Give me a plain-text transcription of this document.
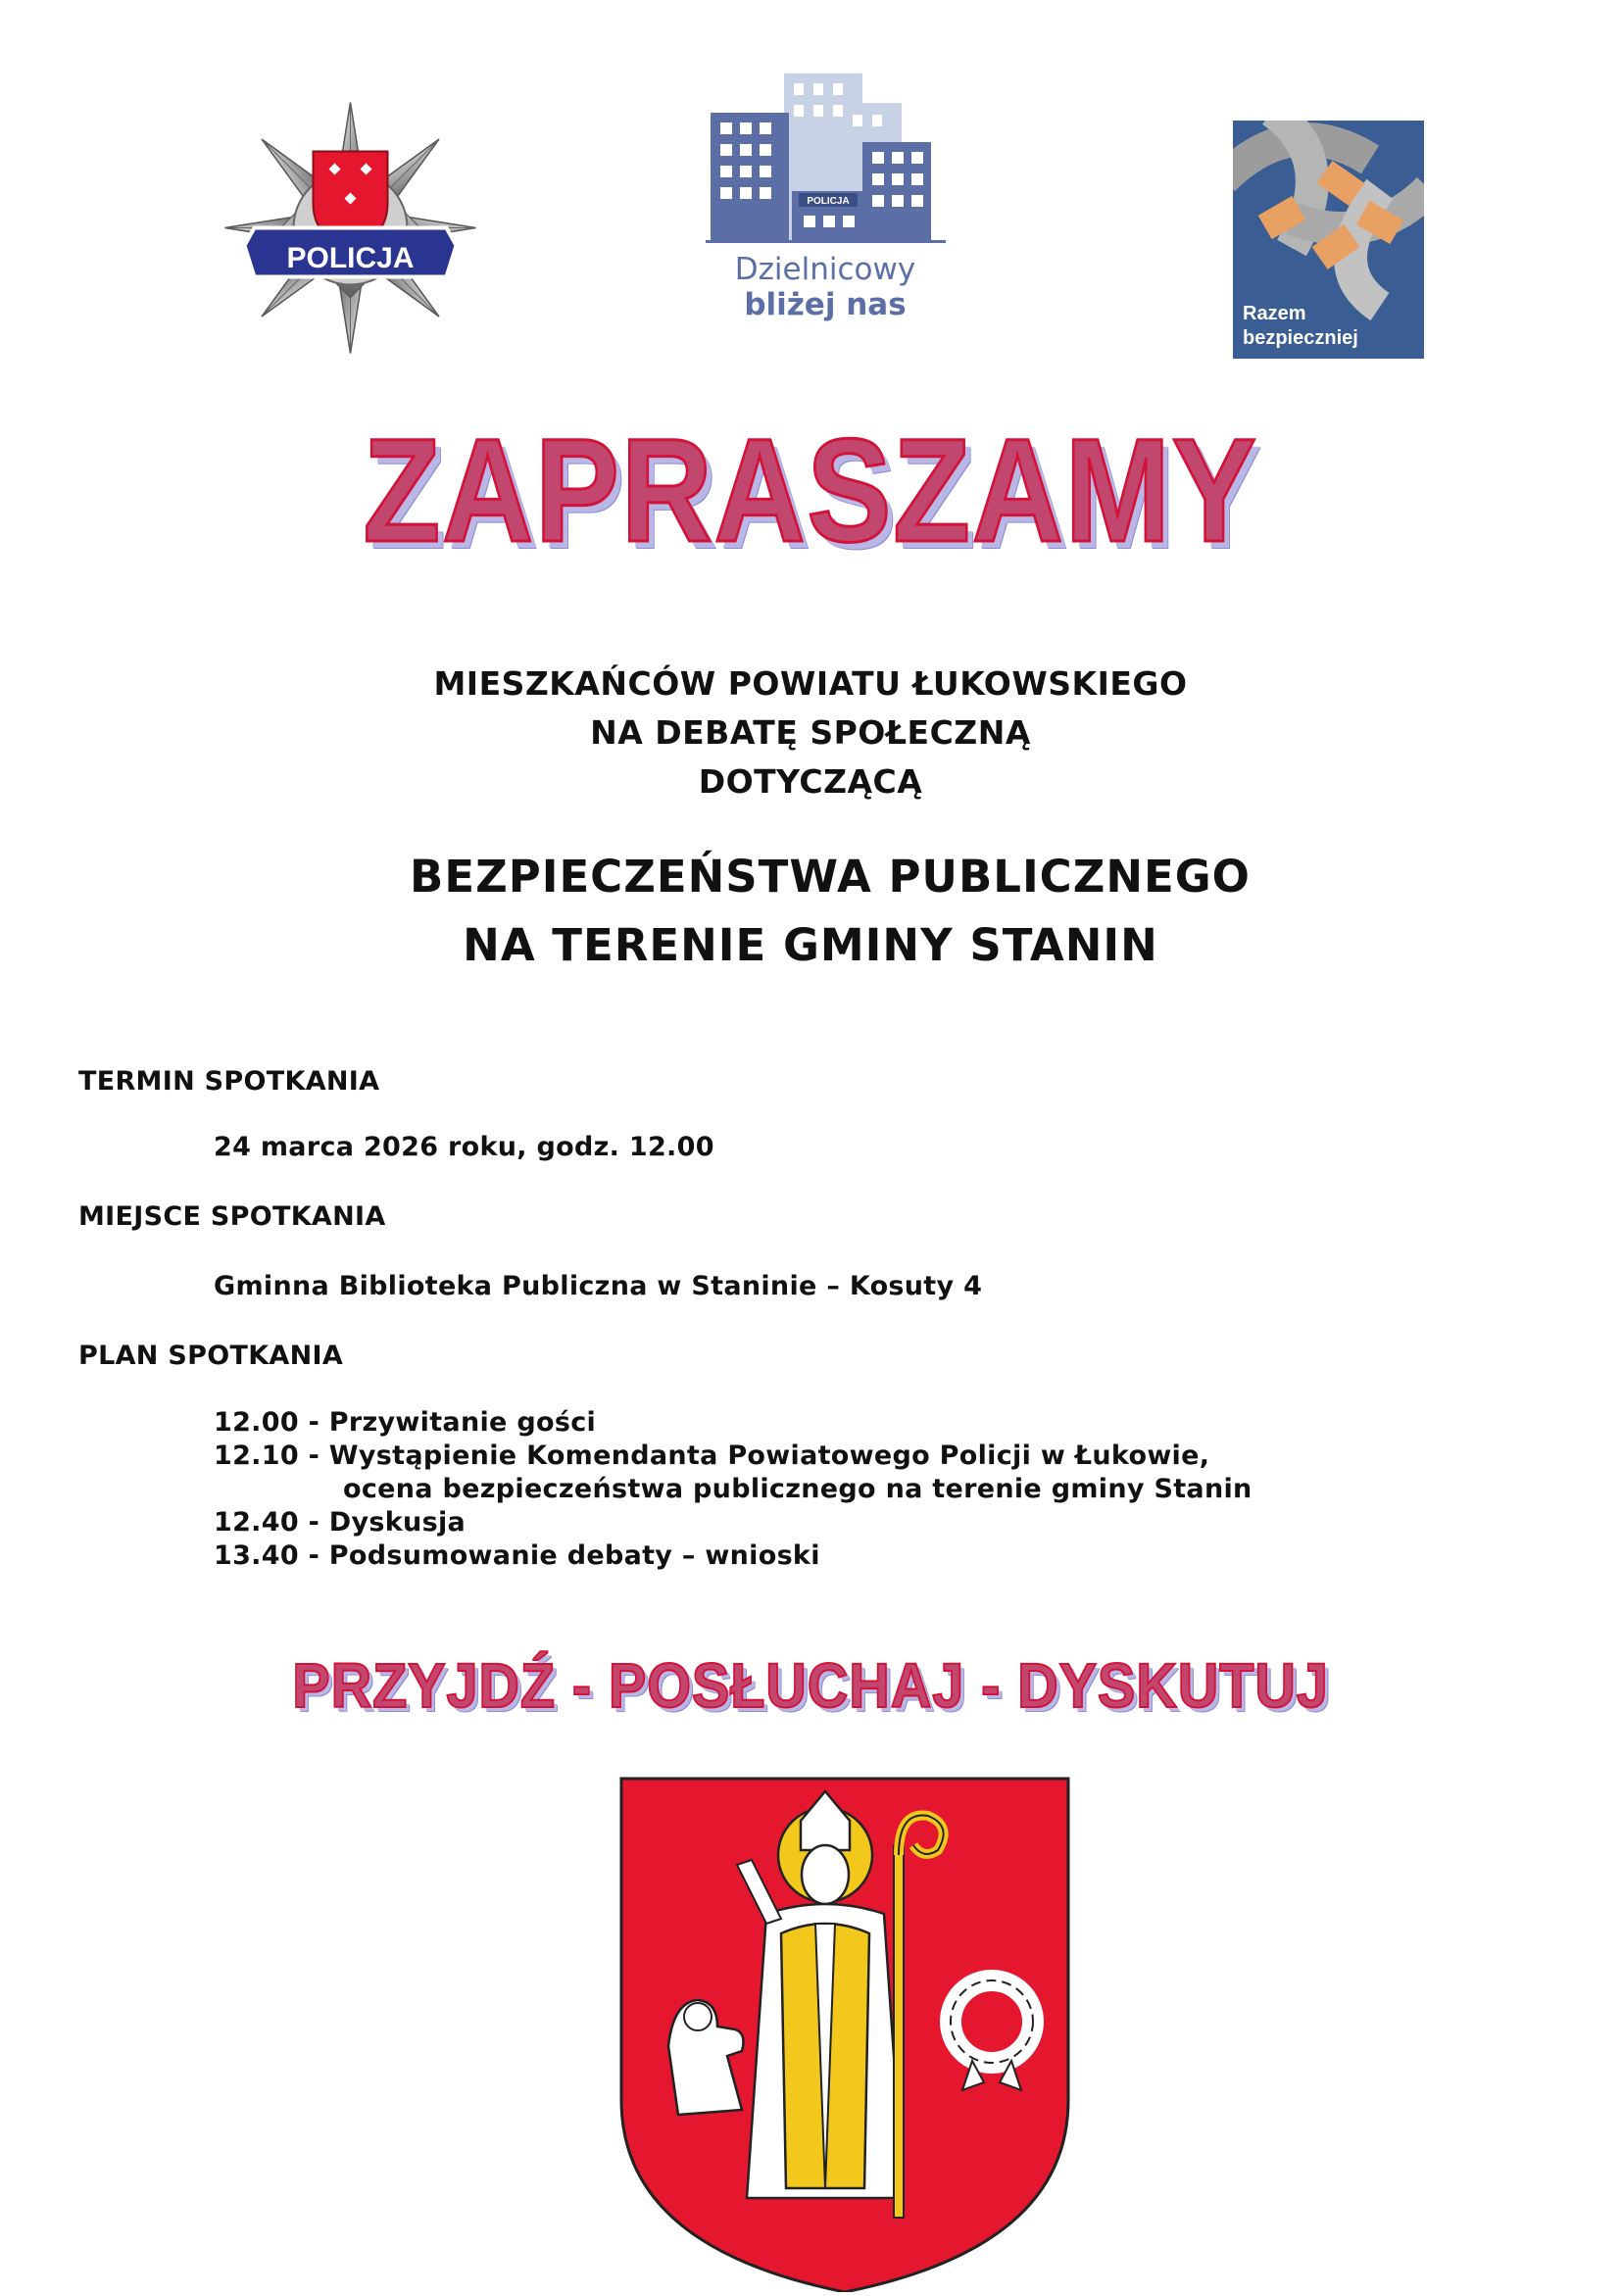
POLICJA
POLICJA
Dzielnicowy
bliżej nas	Razem
bezpieczniej
ZAPRASZAMY
MIESZKAŃCÓW POWIATU ŁUKOWSKIEGO
NA DEBATĘ SPOŁECZNĄ
DOTYCZĄCĄ
BEZPIECZEŃSTWA PUBLICZNEGO
NA TERENIE GMINY STANIN
TERMIN SPOTKANIA
24 marca 2026 roku, godz. 12.00
MIEJSCE SPOTKANIA
Gminna Biblioteka Publiczna w Staninie – Kosuty 4
PLAN SPOTKANIA
12.00 - Przywitanie gości
12.10 - Wystąpienie Komendanta Powiatowego Policji w Łukowie,
ocena bezpieczeństwa publicznego na terenie gminy Stanin
12.40 - Dyskusja
13.40 - Podsumowanie debaty – wnioski
PRZYJDŹ - POSŁUCHAJ - DYSKUTUJ
